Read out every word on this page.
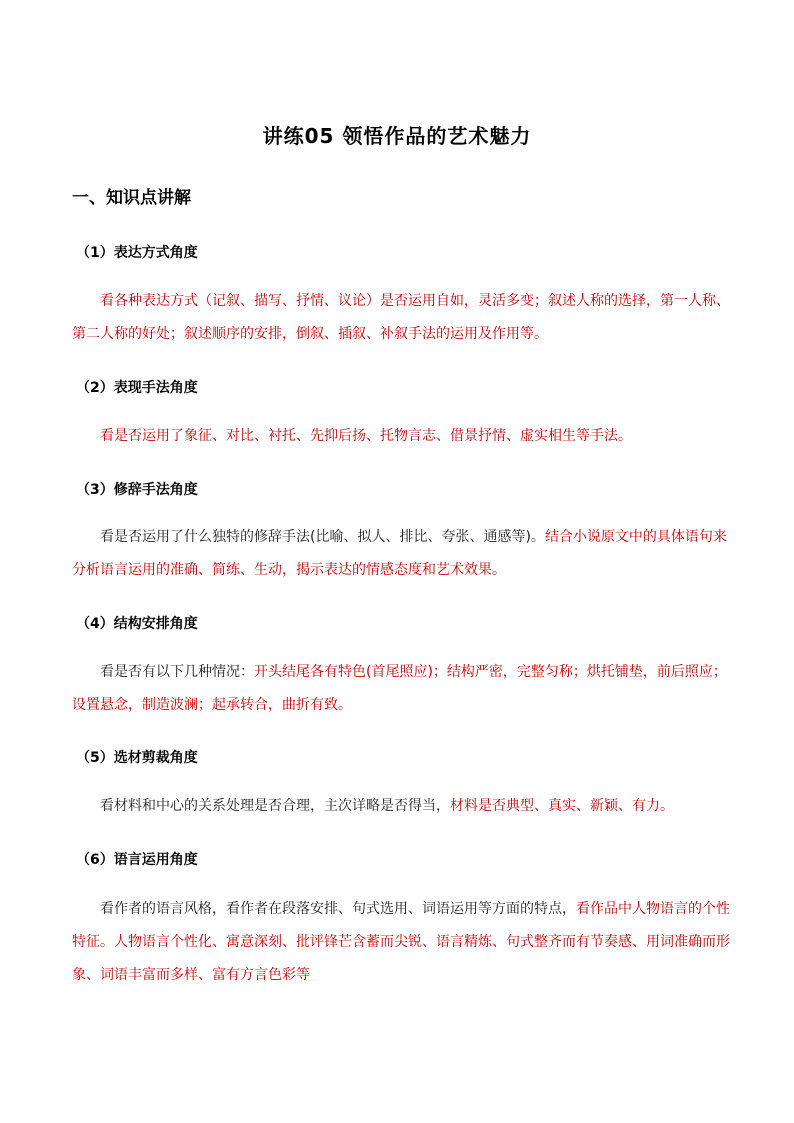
讲练05 领悟作品的艺术魅力
一、知识点讲解
（1）表达方式角度
看各种表达方式（记叙、描写、抒情、议论）是否运用自如，灵活多变；叙述人称的选择，第一人称、第二人称的好处；叙述顺序的安排，倒叙、插叙、补叙手法的运用及作用等。
（2）表现手法角度
看是否运用了象征、对比、衬托、先抑后扬、托物言志、借景抒情、虚实相生等手法。
（3）修辞手法角度
看是否运用了什么独特的修辞手法(比喻、拟人、排比、夸张、通感等)。结合小说原文中的具体语句来分析语言运用的准确、简练、生动，揭示表达的情感态度和艺术效果。
（4）结构安排角度
看是否有以下几种情况：开头结尾各有特色(首尾照应)；结构严密，完整匀称；烘托铺垫，前后照应；设置悬念，制造波澜；起承转合，曲折有致。
（5）选材剪裁角度
看材料和中心的关系处理是否合理，主次详略是否得当，材料是否典型、真实、新颖、有力。
（6）语言运用角度
看作者的语言风格，看作者在段落安排、句式选用、词语运用等方面的特点，看作品中人物语言的个性特征。人物语言个性化、寓意深刻、批评锋芒含蓄而尖锐、语言精炼、句式整齐而有节奏感、用词准确而形象、词语丰富而多样、富有方言色彩等
